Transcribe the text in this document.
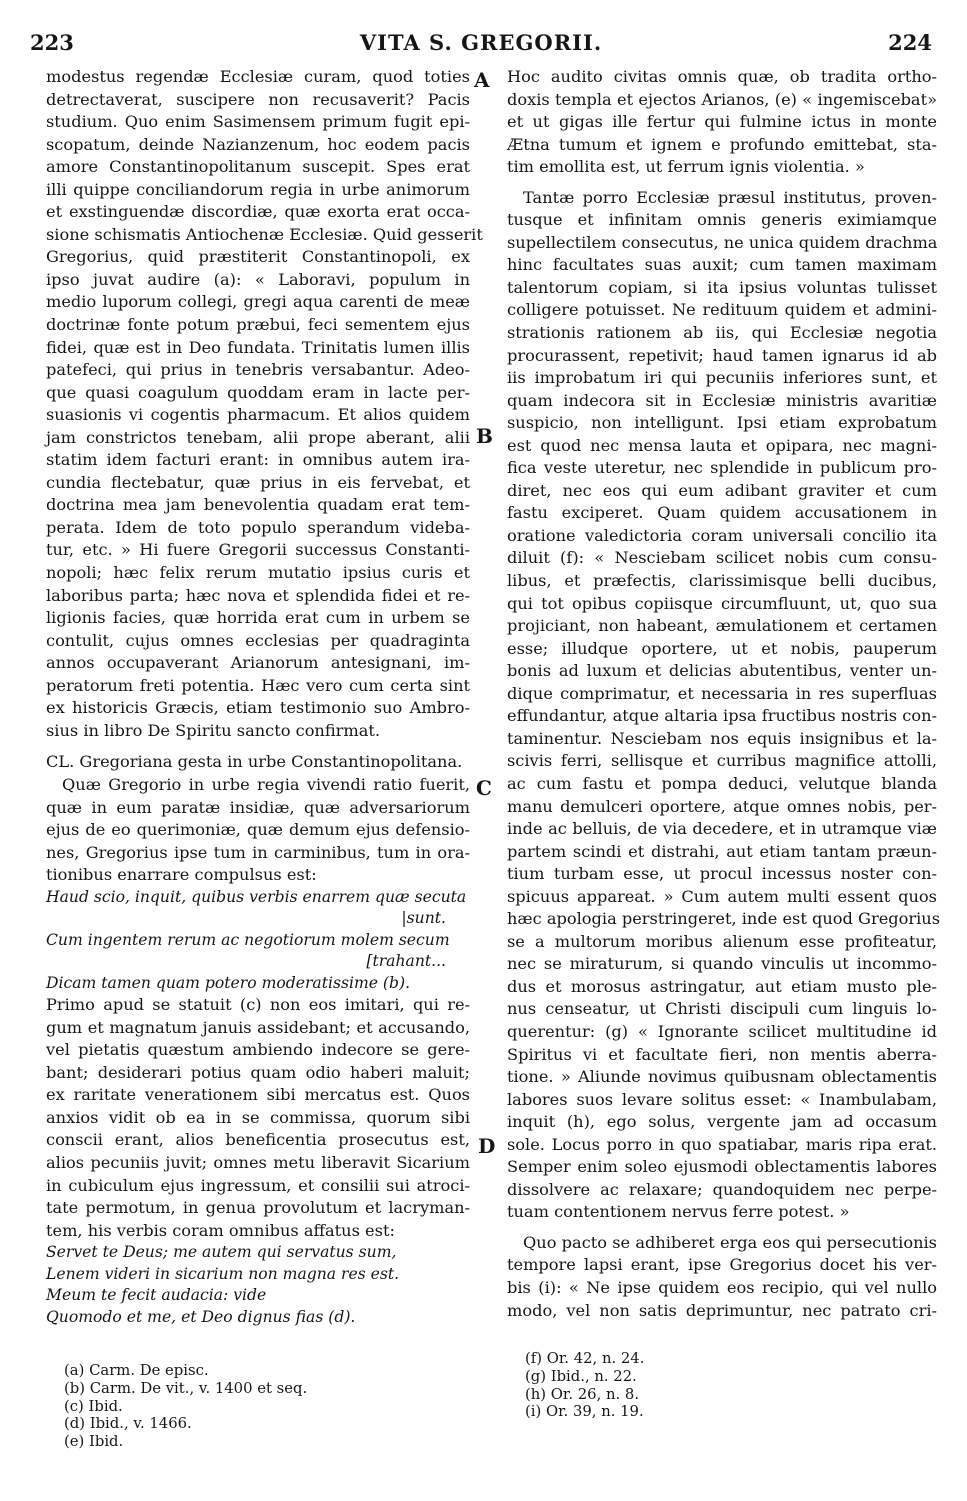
223	VITA S. GREGORII.	224
A
B
C
D
modestus regendæ Ecclesiæ curam, quod toties
detrectaverat, suscipere non recusaverit? Pacis
studium. Quo enim Sasimensem primum fugit epi-
scopatum, deinde Nazianzenum, hoc eodem pacis
amore Constantinopolitanum suscepit. Spes erat
illi quippe conciliandorum regia in urbe animorum
et exstinguendæ discordiæ, quæ exorta erat occa-
sione schismatis Antiochenæ Ecclesiæ. Quid gesserit
Gregorius, quid præstiterit Constantinopoli, ex
ipso juvat audire (a): « Laboravi, populum in
medio luporum collegi, gregi aqua carenti de meæ
doctrinæ fonte potum præbui, feci sementem ejus
fidei, quæ est in Deo fundata. Trinitatis lumen illis
patefeci, qui prius in tenebris versabantur. Adeo-
que quasi coagulum quoddam eram in lacte per-
suasionis vi cogentis pharmacum. Et alios quidem
jam constrictos tenebam, alii prope aberant, alii
statim idem facturi erant: in omnibus autem ira-
cundia flectebatur, quæ prius in eis fervebat, et
doctrina mea jam benevolentia quadam erat tem-
perata. Idem de toto populo sperandum videba-
tur, etc. » Hi fuere Gregorii successus Constanti-
nopoli; hæc felix rerum mutatio ipsius curis et
laboribus parta; hæc nova et splendida fidei et re-
ligionis facies, quæ horrida erat cum in urbem se
contulit, cujus omnes ecclesias per quadraginta
annos occupaverant Arianorum antesignani, im-
peratorum freti potentia. Hæc vero cum certa sint
ex historicis Græcis, etiam testimonio suo Ambro-
sius in libro De Spiritu sancto confirmat.
CL. Gregoriana gesta in urbe Constantinopolitana.
Quæ Gregorio in urbe regia vivendi ratio fuerit,
quæ in eum paratæ insidiæ, quæ adversariorum
ejus de eo querimoniæ, quæ demum ejus defensio-
nes, Gregorius ipse tum in carminibus, tum in ora-
tionibus enarrare compulsus est:
Haud scio, inquit, quibus verbis enarrem quæ secuta
|sunt.
Cum ingentem rerum ac negotiorum molem secum
[trahant...
Dicam tamen quam potero moderatissime (b).
Primo apud se statuit (c) non eos imitari, qui re-
gum et magnatum januis assidebant; et accusando,
vel pietatis quæstum ambiendo indecore se gere-
bant; desiderari potius quam odio haberi maluit;
ex raritate venerationem sibi mercatus est. Quos
anxios vidit ob ea in se commissa, quorum sibi
conscii erant, alios beneficentia prosecutus est,
alios pecuniis juvit; omnes metu liberavit Sicarium
in cubiculum ejus ingressum, et consilii sui atroci-
tate permotum, in genua provolutum et lacryman-
tem, his verbis coram omnibus affatus est:
Servet te Deus; me autem qui servatus sum,
Lenem videri in sicarium non magna res est.
Meum te fecit audacia: vide
Quomodo et me, et Deo dignus fias (d).
(a) Carm. De episc.
(b) Carm. De vit., v. 1400 et seq.
(c) Ibid.
(d) Ibid., v. 1466.
(e) Ibid.
Hoc audito civitas omnis quæ, ob tradita ortho-
doxis templa et ejectos Arianos, (e) « ingemiscebat»
et ut gigas ille fertur qui fulmine ictus in monte
Ætna tumum et ignem e profundo emittebat, sta-
tim emollita est, ut ferrum ignis violentia. »
Tantæ porro Ecclesiæ præsul institutus, proven-
tusque et infinitam omnis generis eximiamque
supellectilem consecutus, ne unica quidem drachma
hinc facultates suas auxit; cum tamen maximam
talentorum copiam, si ita ipsius voluntas tulisset
colligere potuisset. Ne redituum quidem et admini-
strationis rationem ab iis, qui Ecclesiæ negotia
procurassent, repetivit; haud tamen ignarus id ab
iis improbatum iri qui pecuniis inferiores sunt, et
quam indecora sit in Ecclesiæ ministris avaritiæ
suspicio, non intelligunt. Ipsi etiam exprobatum
est quod nec mensa lauta et opipara, nec magni-
fica veste uteretur, nec splendide in publicum pro-
diret, nec eos qui eum adibant graviter et cum
fastu exciperet. Quam quidem accusationem in
oratione valedictoria coram universali concilio ita
diluit (f): « Nesciebam scilicet nobis cum consu-
libus, et præfectis, clarissimisque belli ducibus,
qui tot opibus copiisque circumfluunt, ut, quo sua
projiciant, non habeant, æmulationem et certamen
esse; illudque oportere, ut et nobis, pauperum
bonis ad luxum et delicias abutentibus, venter un-
dique comprimatur, et necessaria in res superfluas
effundantur, atque altaria ipsa fructibus nostris con-
taminentur. Nesciebam nos equis insignibus et la-
scivis ferri, sellisque et curribus magnifice attolli,
ac cum fastu et pompa deduci, velutque blanda
manu demulceri oportere, atque omnes nobis, per-
inde ac belluis, de via decedere, et in utramque viæ
partem scindi et distrahi, aut etiam tantam præun-
tium turbam esse, ut procul incessus noster con-
spicuus appareat. » Cum autem multi essent quos
hæc apologia perstringeret, inde est quod Gregorius
se a multorum moribus alienum esse profiteatur,
nec se miraturum, si quando vinculis ut incommo-
dus et morosus astringatur, aut etiam musto ple-
nus censeatur, ut Christi discipuli cum linguis lo-
querentur: (g) « Ignorante scilicet multitudine id
Spiritus vi et facultate fieri, non mentis aberra-
tione. » Aliunde novimus quibusnam oblectamentis
labores suos levare solitus esset: « Inambulabam,
inquit (h), ego solus, vergente jam ad occasum
sole. Locus porro in quo spatiabar, maris ripa erat.
Semper enim soleo ejusmodi oblectamentis labores
dissolvere ac relaxare; quandoquidem nec perpe-
tuam contentionem nervus ferre potest. »
Quo pacto se adhiberet erga eos qui persecutionis
tempore lapsi erant, ipse Gregorius docet his ver-
bis (i): « Ne ipse quidem eos recipio, qui vel nullo
modo, vel non satis deprimuntur, nec patrato cri-
(f) Or. 42, n. 24.
(g) Ibid., n. 22.
(h) Or. 26, n. 8.
(i) Or. 39, n. 19.
